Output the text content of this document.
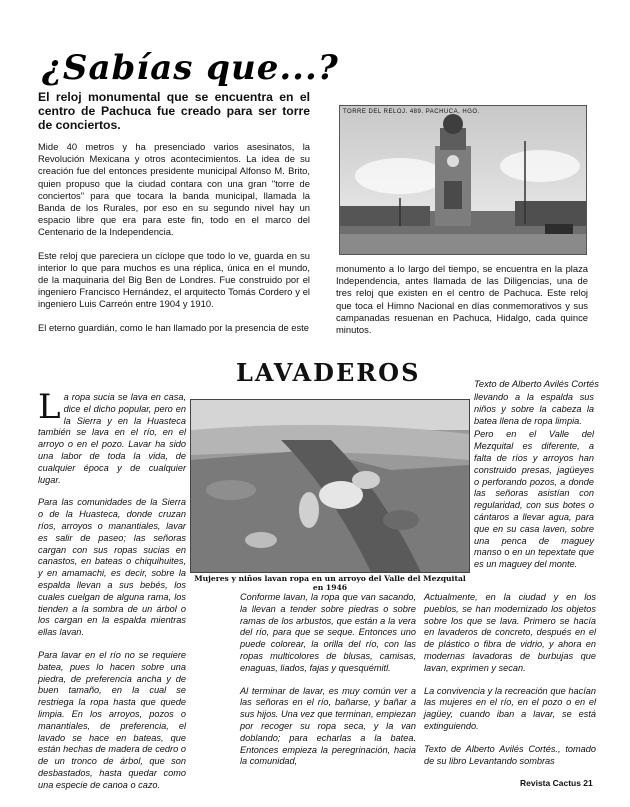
¿Sabías que...?
El reloj monumental que se encuentra en el centro de Pachuca fue creado para ser torre de conciertos.

Mide 40 metros y ha presenciado varios asesinatos, la Revolución Mexicana y otros acontecimientos. La idea de su creación fue del entonces presidente municipal Alfonso M. Brito, quien propuso que la ciudad contara con una gran "torre de conciertos" para que tocara la banda municipal, llamada la Banda de los Rurales, por eso en su segundo nivel hay un espacio libre que era para este fin, todo en el marco del Centenario de la Independencia.

Este reloj que pareciera un cíclope que todo lo ve, guarda en su interior lo que para muchos es una réplica, única en el mundo, de la maquinaria del Big Ben de Londres. Fue construido por el ingeniero Francisco Hernández, el arquitecto Tomás Cordero y el ingeniero Luis Carreón entre 1904 y 1910.

El eterno guardián, como le han llamado por la presencia de este

TORRE DEL RELOJ. 489. PACHUCA, HGO.
monumento a lo largo del tiempo, se encuentra en la plaza Independencia, antes llamada de las Diligencias, una de tres reloj que existen en el centro de Pachuca. Este reloj que toca el Himno Nacional en días conmemorativos y sus campanadas resuenan en Pachuca, Hidalgo, cada quince minutos.
LAVADEROS	Texto de Alberto Avilés Cortés

La ropa sucia se lava en casa, dice el dicho popular, pero en la Sierra y en la Huasteca también se lava en el río, en el arroyo o en el pozo. Lavar ha sido una labor de toda la vida, de cualquier época y de cualquier lugar.

Para las comunidades de la Sierra o de la Huasteca, donde cruzan ríos, arroyos o manantiales, lavar es salir de paseo; las señoras cargan con sus ropas sucias en canastos, en bateas o chiquihuites, y en amamachi, es decir, sobre la espalda llevan a sus bebés, los cuales cuelgan de alguna rama, los tienden a la sombra de un árbol o los cargan en la espalda mientras ellas lavan.

Para lavar en el río no se requiere batea, pues lo hacen sobre una piedra, de preferencia ancha y de buen tamaño, en la cual se restriega la ropa hasta que quede limpia. En los arroyos, pozos o manantiales, de preferencia, el lavado se hace en bateas, que están hechas de madera de cedro o de un tronco de árbol, que son desbastados, hasta quedar como una especie de canoa o cazo.

Mujeres y niños lavan ropa en un arroyo del Valle del Mezquital en 1946

llevando a la espalda sus niños y sobre la cabeza la batea llena de ropa limpia.

Pero en el Valle del Mezquital es diferente, a falta de ríos y arroyos han construido presas, jagüeyes o perforando pozos, a donde las señoras asistían con regularidad, con sus botes o cántaros a llevar agua, para que en su casa laven, sobre una penca de maguey manso o en un tepextate que es un maguey del monte.

Conforme lavan, la ropa que van sacando, la llevan a tender sobre piedras o sobre ramas de los arbustos, que están a la vera del río, para que se seque. Entonces uno puede colorear, la orilla del río, con las ropas multicolores de blusas, camisas, enaguas, liados, fajas y quesquémitl.

Al terminar de lavar, es muy común ver a las señoras en el río, bañarse, y bañar a sus hijos. Una vez que terminan, empiezan por recoger su ropa seca, y la van doblando; para echarlas a la batea. Entonces empieza la peregrinación, hacia la comunidad,

Actualmente, en la ciudad y en los pueblos, se han modernizado los objetos sobre los que se lava. Primero se hacía en lavaderos de concreto, después en el de plástico o fibra de vidrio, y ahora en modernas lavadoras de burbujas que lavan, exprimen y secan.

La convivencia y la recreación que hacían las mujeres en el río, en el pozo o en el jagüey, cuando iban a lavar, se está extinguiendo.

Texto de Alberto Avilés Cortés., tomado de su libro Levantando sombras

Revista Cactus 21
